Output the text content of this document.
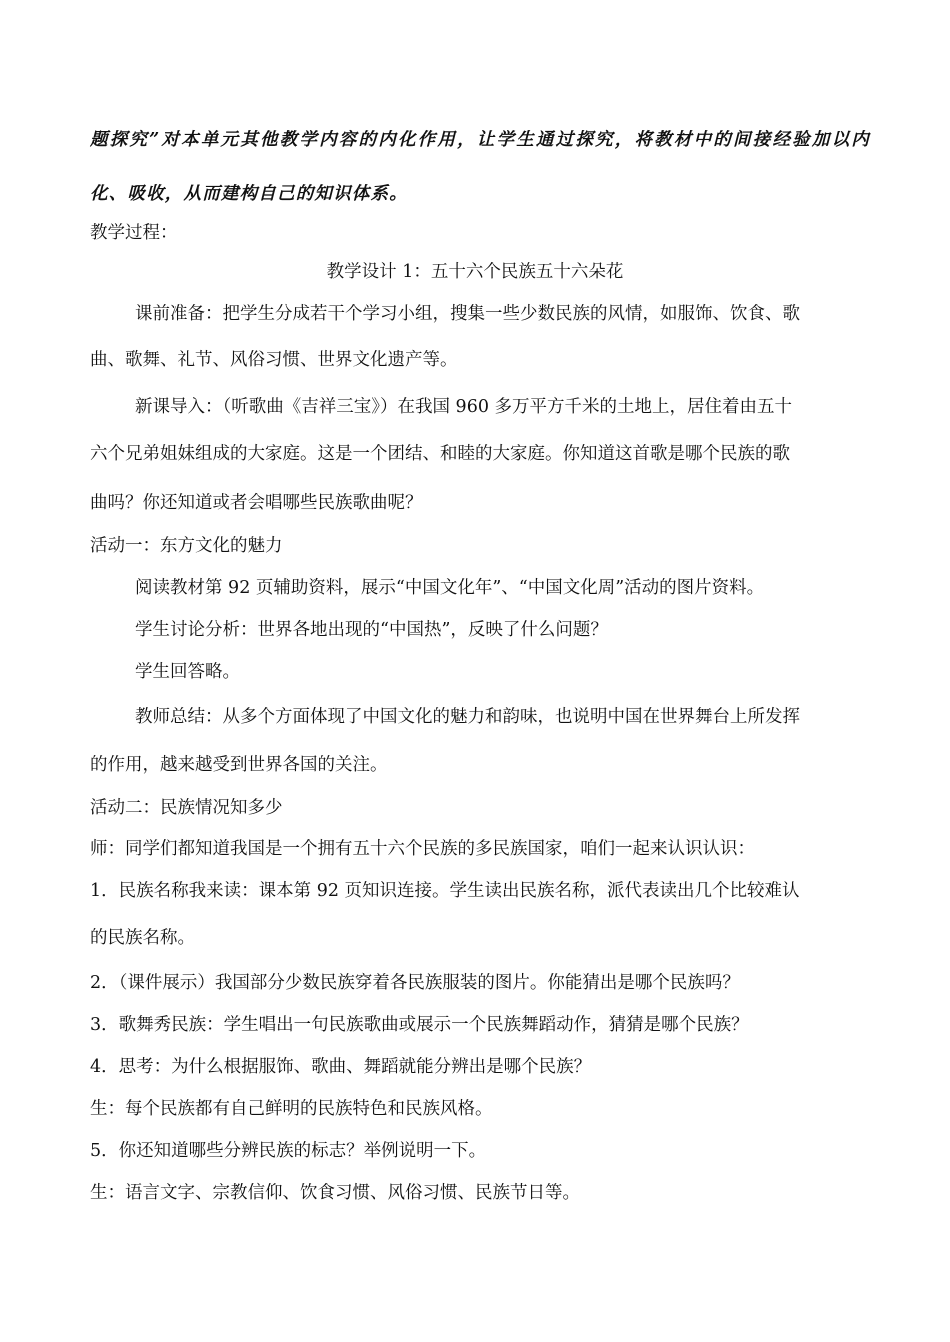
题探究”对本单元其他教学内容的内化作用，让学生通过探究，将教材中的间接经验加以内
化、吸收，从而建构自己的知识体系。
教学过程：
教学设计 1：五十六个民族五十六朵花
课前准备：把学生分成若干个学习小组，搜集一些少数民族的风情，如服饰、饮食、歌
曲、歌舞、礼节、风俗习惯、世界文化遗产等。
新课导入：（听歌曲《吉祥三宝》）在我国 960 多万平方千米的土地上，居住着由五十
六个兄弟姐妹组成的大家庭。这是一个团结、和睦的大家庭。你知道这首歌是哪个民族的歌
曲吗？你还知道或者会唱哪些民族歌曲呢？
活动一：东方文化的魅力
阅读教材第 92 页辅助资料，展示“中国文化年”、“中国文化周”活动的图片资料。
学生讨论分析：世界各地出现的“中国热”，反映了什么问题？
学生回答略。
教师总结：从多个方面体现了中国文化的魅力和韵味，也说明中国在世界舞台上所发挥
的作用，越来越受到世界各国的关注。
活动二：民族情况知多少
师：同学们都知道我国是一个拥有五十六个民族的多民族国家，咱们一起来认识认识：
1．民族名称我来读：课本第 92 页知识连接。学生读出民族名称，派代表读出几个比较难认
的民族名称。
2．（课件展示）我国部分少数民族穿着各民族服装的图片。你能猜出是哪个民族吗？
3．歌舞秀民族：学生唱出一句民族歌曲或展示一个民族舞蹈动作，猜猜是哪个民族？
4．思考：为什么根据服饰、歌曲、舞蹈就能分辨出是哪个民族？
生：每个民族都有自己鲜明的民族特色和民族风格。
5．你还知道哪些分辨民族的标志？举例说明一下。
生：语言文字、宗教信仰、饮食习惯、风俗习惯、民族节日等。
